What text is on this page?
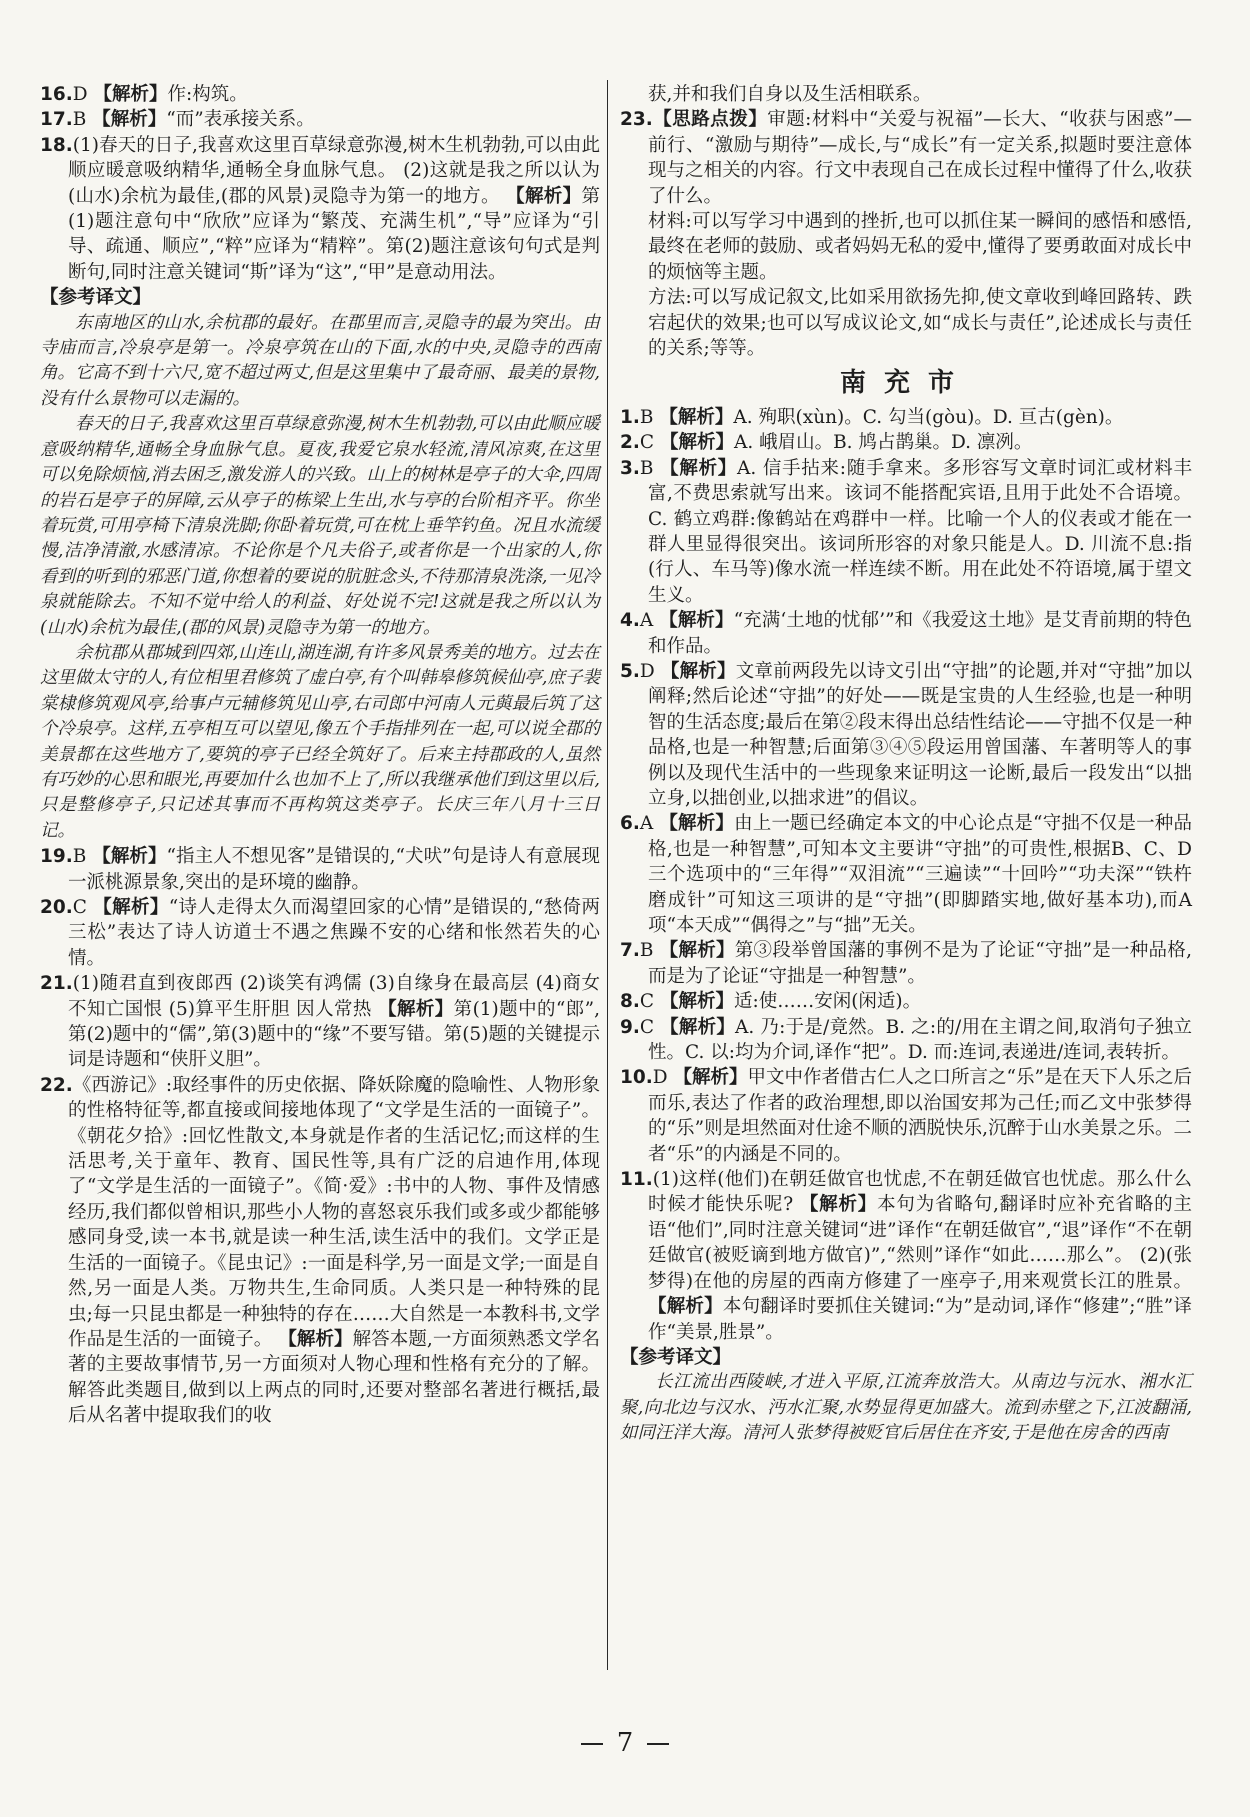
16.D 【解析】作:构筑。

17.B 【解析】“而”表承接关系。

18.(1)春天的日子,我喜欢这里百草绿意弥漫,树木生机勃勃,可以由此顺应暖意吸纳精华,通畅全身血脉气息。 (2)这就是我之所以认为(山水)余杭为最佳,(郡的风景)灵隐寺为第一的地方。 【解析】第(1)题注意句中“欣欣”应译为“繁茂、充满生机”,“导”应译为“引导、疏通、顺应”,“粹”应译为“精粹”。第(2)题注意该句句式是判断句,同时注意关键词“斯”译为“这”,“甲”是意动用法。

【参考译文】

东南地区的山水,余杭郡的最好。在郡里而言,灵隐寺的最为突出。由寺庙而言,冷泉亭是第一。冷泉亭筑在山的下面,水的中央,灵隐寺的西南角。它高不到十六尺,宽不超过两丈,但是这里集中了最奇丽、最美的景物,没有什么景物可以走漏的。

春天的日子,我喜欢这里百草绿意弥漫,树木生机勃勃,可以由此顺应暖意吸纳精华,通畅全身血脉气息。夏夜,我爱它泉水轻流,清风凉爽,在这里可以免除烦恼,消去困乏,激发游人的兴致。山上的树林是亭子的大伞,四周的岩石是亭子的屏障,云从亭子的栋梁上生出,水与亭的台阶相齐平。你坐着玩赏,可用亭椅下清泉洗脚;你卧着玩赏,可在枕上垂竿钓鱼。况且水流缓慢,洁净清澈,水感清凉。不论你是个凡夫俗子,或者你是一个出家的人,你看到的听到的邪恶门道,你想着的要说的肮脏念头,不待那清泉洗涤,一见冷泉就能除去。不知不觉中给人的利益、好处说不完!这就是我之所以认为(山水)余杭为最佳,(郡的风景)灵隐寺为第一的地方。

余杭郡从郡城到四郊,山连山,湖连湖,有许多风景秀美的地方。过去在这里做太守的人,有位相里君修筑了虚白亭,有个叫韩皋修筑候仙亭,庶子裴棠棣修筑观风亭,给事卢元辅修筑见山亭,右司郎中河南人元藇最后筑了这个冷泉亭。这样,五亭相互可以望见,像五个手指排列在一起,可以说全郡的美景都在这些地方了,要筑的亭子已经全筑好了。后来主持郡政的人,虽然有巧妙的心思和眼光,再要加什么也加不上了,所以我继承他们到这里以后,只是整修亭子,只记述其事而不再构筑这类亭子。长庆三年八月十三日记。

19.B 【解析】“指主人不想见客”是错误的,“犬吠”句是诗人有意展现一派桃源景象,突出的是环境的幽静。

20.C 【解析】“诗人走得太久而渴望回家的心情”是错误的,“愁倚两三松”表达了诗人访道士不遇之焦躁不安的心绪和怅然若失的心情。

21.(1)随君直到夜郎西 (2)谈笑有鸿儒 (3)自缘身在最高层 (4)商女不知亡国恨 (5)算平生肝胆 因人常热 【解析】第(1)题中的“郎”,第(2)题中的“儒”,第(3)题中的“缘”不要写错。第(5)题的关键提示词是诗题和“侠肝义胆”。

22.《西游记》:取经事件的历史依据、降妖除魔的隐喻性、人物形象的性格特征等,都直接或间接地体现了“文学是生活的一面镜子”。《朝花夕拾》:回忆性散文,本身就是作者的生活记忆;而这样的生活思考,关于童年、教育、国民性等,具有广泛的启迪作用,体现了“文学是生活的一面镜子”。《简·爱》:书中的人物、事件及情感经历,我们都似曾相识,那些小人物的喜怒哀乐我们或多或少都能够感同身受,读一本书,就是读一种生活,读生活中的我们。文学正是生活的一面镜子。《昆虫记》:一面是科学,另一面是文学;一面是自然,另一面是人类。万物共生,生命同质。人类只是一种特殊的昆虫;每一只昆虫都是一种独特的存在……大自然是一本教科书,文学作品是生活的一面镜子。 【解析】解答本题,一方面须熟悉文学名著的主要故事情节,另一方面须对人物心理和性格有充分的了解。解答此类题目,做到以上两点的同时,还要对整部名著进行概括,最后从名著中提取我们的收

获,并和我们自身以及生活相联系。

23.【思路点拨】审题:材料中“关爱与祝福”—长大、“收获与困惑”—前行、“激励与期待”—成长,与“成长”有一定关系,拟题时要注意体现与之相关的内容。行文中表现自己在成长过程中懂得了什么,收获了什么。

材料:可以写学习中遇到的挫折,也可以抓住某一瞬间的感悟和感悟,最终在老师的鼓励、或者妈妈无私的爱中,懂得了要勇敢面对成长中的烦恼等主题。

方法:可以写成记叙文,比如采用欲扬先抑,使文章收到峰回路转、跌宕起伏的效果;也可以写成议论文,如“成长与责任”,论述成长与责任的关系;等等。

南充市

1.B 【解析】A. 殉职(xùn)。C. 勾当(gòu)。D. 亘古(gèn)。

2.C 【解析】A. 峨眉山。B. 鸠占鹊巢。D. 凛冽。

3.B 【解析】A. 信手拈来:随手拿来。多形容写文章时词汇或材料丰富,不费思索就写出来。该词不能搭配宾语,且用于此处不合语境。C. 鹤立鸡群:像鹤站在鸡群中一样。比喻一个人的仪表或才能在一群人里显得很突出。该词所形容的对象只能是人。D. 川流不息:指(行人、车马等)像水流一样连续不断。用在此处不符语境,属于望文生义。

4.A 【解析】“充满‘土地的忧郁’”和《我爱这土地》是艾青前期的特色和作品。

5.D 【解析】文章前两段先以诗文引出“守拙”的论题,并对“守拙”加以阐释;然后论述“守拙”的好处——既是宝贵的人生经验,也是一种明智的生活态度;最后在第②段末得出总结性结论——守拙不仅是一种品格,也是一种智慧;后面第③④⑤段运用曾国藩、车著明等人的事例以及现代生活中的一些现象来证明这一论断,最后一段发出“以拙立身,以拙创业,以拙求进”的倡议。

6.A 【解析】由上一题已经确定本文的中心论点是“守拙不仅是一种品格,也是一种智慧”,可知本文主要讲“守拙”的可贵性,根据B、C、D三个选项中的“三年得”“双泪流”“三遍读”“十回吟”“功夫深”“铁杵磨成针”可知这三项讲的是“守拙”(即脚踏实地,做好基本功),而A项“本天成”“偶得之”与“拙”无关。

7.B 【解析】第③段举曾国藩的事例不是为了论证“守拙”是一种品格,而是为了论证“守拙是一种智慧”。

8.C 【解析】适:使……安闲(闲适)。

9.C 【解析】A. 乃:于是/竟然。B. 之:的/用在主谓之间,取消句子独立性。C. 以:均为介词,译作“把”。D. 而:连词,表递进/连词,表转折。

10.D 【解析】甲文中作者借古仁人之口所言之“乐”是在天下人乐之后而乐,表达了作者的政治理想,即以治国安邦为己任;而乙文中张梦得的“乐”则是坦然面对仕途不顺的洒脱快乐,沉醉于山水美景之乐。二者“乐”的内涵是不同的。

11.(1)这样(他们)在朝廷做官也忧虑,不在朝廷做官也忧虑。那么什么时候才能快乐呢? 【解析】本句为省略句,翻译时应补充省略的主语“他们”,同时注意关键词“进”译作“在朝廷做官”,“退”译作“不在朝廷做官(被贬谪到地方做官)”,“然则”译作“如此……那么”。 (2)(张梦得)在他的房屋的西南方修建了一座亭子,用来观赏长江的胜景。 【解析】本句翻译时要抓住关键词:“为”是动词,译作“修建”;“胜”译作“美景,胜景”。

【参考译文】

长江流出西陵峡,才进入平原,江流奔放浩大。从南边与沅水、湘水汇聚,向北边与汉水、沔水汇聚,水势显得更加盛大。流到赤壁之下,江波翻涌,如同汪洋大海。清河人张梦得被贬官后居住在齐安,于是他在房舍的西南

7
